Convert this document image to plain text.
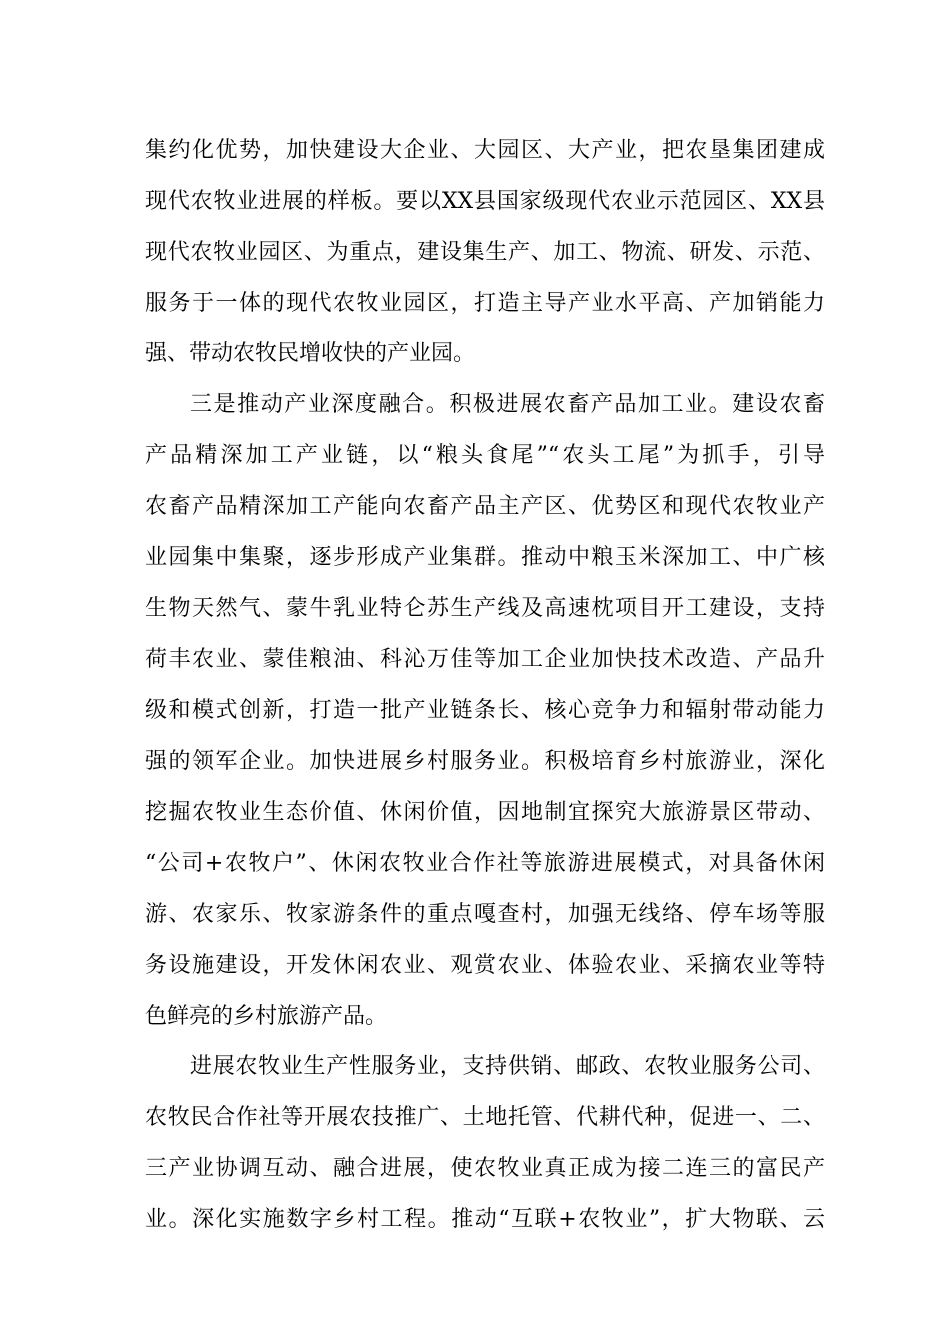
集约化优势，加快建设大企业、大园区、大产业，把农垦集团建成
现代农牧业进展的样板。要以XX县国家级现代农业示范园区、XX县
现代农牧业园区、为重点，建设集生产、加工、物流、研发、示范、
服务于一体的现代农牧业园区，打造主导产业水平高、产加销能力
强、带动农牧民增收快的产业园。
三是推动产业深度融合。积极进展农畜产品加工业。建设农畜
产品精深加工产业链，以“粮头食尾”“农头工尾”为抓手，引导
农畜产品精深加工产能向农畜产品主产区、优势区和现代农牧业产
业园集中集聚，逐步形成产业集群。推动中粮玉米深加工、中广核
生物天然气、蒙牛乳业特仑苏生产线及高速枕项目开工建设，支持
荷丰农业、蒙佳粮油、科沁万佳等加工企业加快技术改造、产品升
级和模式创新，打造一批产业链条长、核心竞争力和辐射带动能力
强的领军企业。加快进展乡村服务业。积极培育乡村旅游业，深化
挖掘农牧业生态价值、休闲价值，因地制宜探究大旅游景区带动、
“公司+农牧户”、休闲农牧业合作社等旅游进展模式，对具备休闲
游、农家乐、牧家游条件的重点嘎查村，加强无线络、停车场等服
务设施建设，开发休闲农业、观赏农业、体验农业、采摘农业等特
色鲜亮的乡村旅游产品。
进展农牧业生产性服务业，支持供销、邮政、农牧业服务公司、
农牧民合作社等开展农技推广、土地托管、代耕代种，促进一、二、
三产业协调互动、融合进展，使农牧业真正成为接二连三的富民产
业。深化实施数字乡村工程。推动“互联+农牧业”，扩大物联、云
